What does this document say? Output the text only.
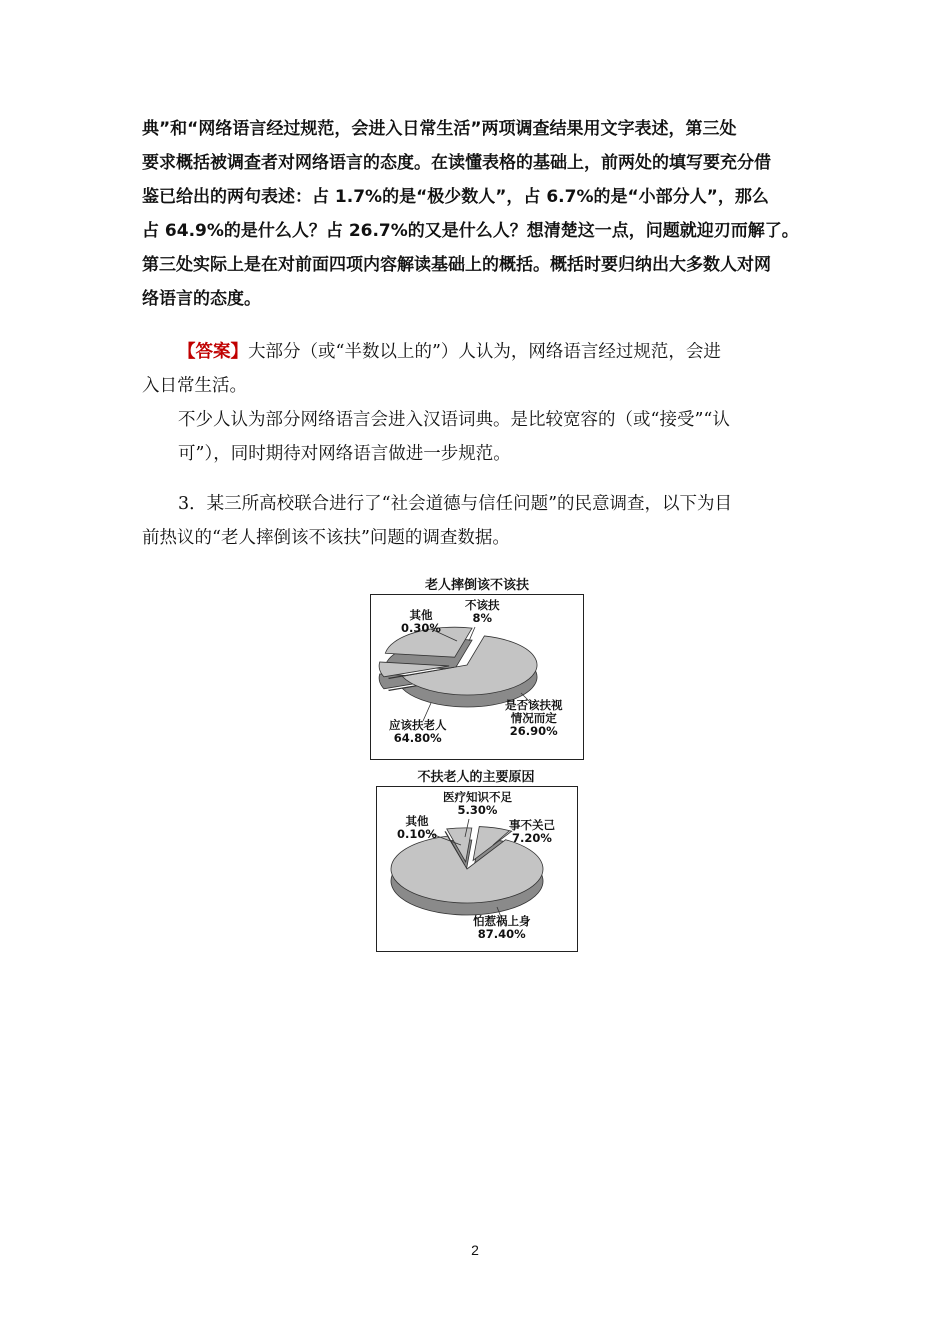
典”和“网络语言经过规范，会进入日常生活”两项调查结果用文字表述，第三处
要求概括被调查者对网络语言的态度。在读懂表格的基础上，前两处的填写要充分借
鉴已给出的两句表述：占 1.7%的是“极少数人”，占 6.7%的是“小部分人”，那么
占 64.9%的是什么人？占 26.7%的又是什么人？想清楚这一点，问题就迎刃而解了。
第三处实际上是在对前面四项内容解读基础上的概括。概括时要归纳出大多数人对网
络语言的态度。
【答案】大部分（或“半数以上的”）人认为，网络语言经过规范，会进
入日常生活。
不少人认为部分网络语言会进入汉语词典。是比较宽容的（或“接受”“认
可”），同时期待对网络语言做进一步规范。
3．某三所高校联合进行了“社会道德与信任问题”的民意调查，以下为目
前热议的“老人摔倒该不该扶”问题的调查数据。
老人摔倒该不该扶
其他
0.30%
不该扶
8%
是否该扶视
情况而定
26.90%
应该扶老人
64.80%
不扶老人的主要原因
医疗知识不足
5.30%
其他
0.10%
事不关己
7.20%
怕惹祸上身
87.40%
2
